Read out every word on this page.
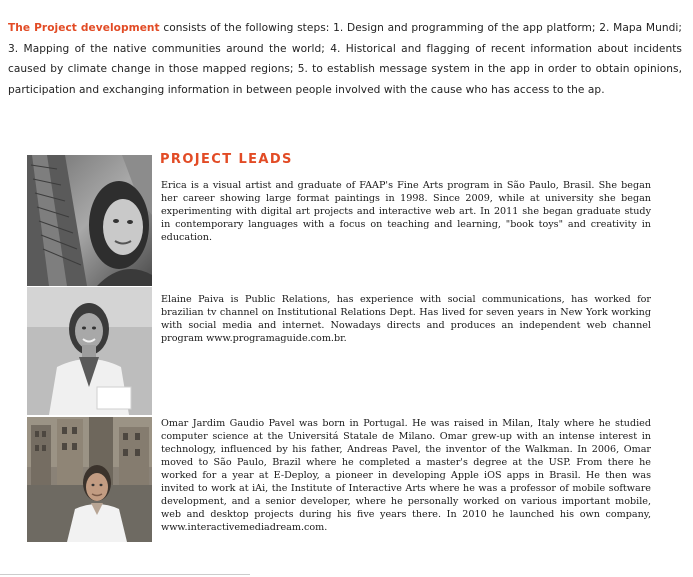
The Project development consists of the following steps: 1. Design and programming of the app platform; 2. Mapa Mundi; 3. Mapping of the native communities around the world; 4. Historical and flagging of recent information about incidents caused by climate change in those mapped regions; 5. to establish message system in the app in order to obtain opinions, participation and exchanging information in between people involved with the cause who has access to the ap.

PROJECT LEADS

Erica is a visual artist and graduate of FAAP's Fine Arts program in São Paulo, Brasil. She began her career showing large format paintings in 1998. Since 2009, while at university she began experimenting with digital art projects and interactive web art. In 2011 she began graduate study in contemporary languages with a focus on teaching and learning, "book toys" and creativity in education.

Elaine Paiva is Public Relations, has experience with social communications, has worked for brazilian tv channel on Institutional Relations Dept. Has lived for seven years in New York working with social media and internet. Nowadays directs and produces an independent web channel program www.programaguide.com.br.

Omar Jardim Gaudio Pavel was born in Portugal. He was raised in Milan, Italy where he studied computer science at the Universitá Statale de Milano. Omar grew-up with an intense interest in technology, influenced by his father, Andreas Pavel, the inventor of the Walkman. In 2006, Omar moved to São Paulo, Brazil where he completed a master's degree at the USP. From there he worked for a year at E-Deploy, a pioneer in developing Apple iOS apps in Brasil. He then was invited to work at iAi, the Institute of Interactive Arts where he was a professor of mobile software development, and a senior developer, where he personally worked on various important mobile, web and desktop projects during his five years there. In 2010 he launched his own company, www.interactivemediadream.com.
